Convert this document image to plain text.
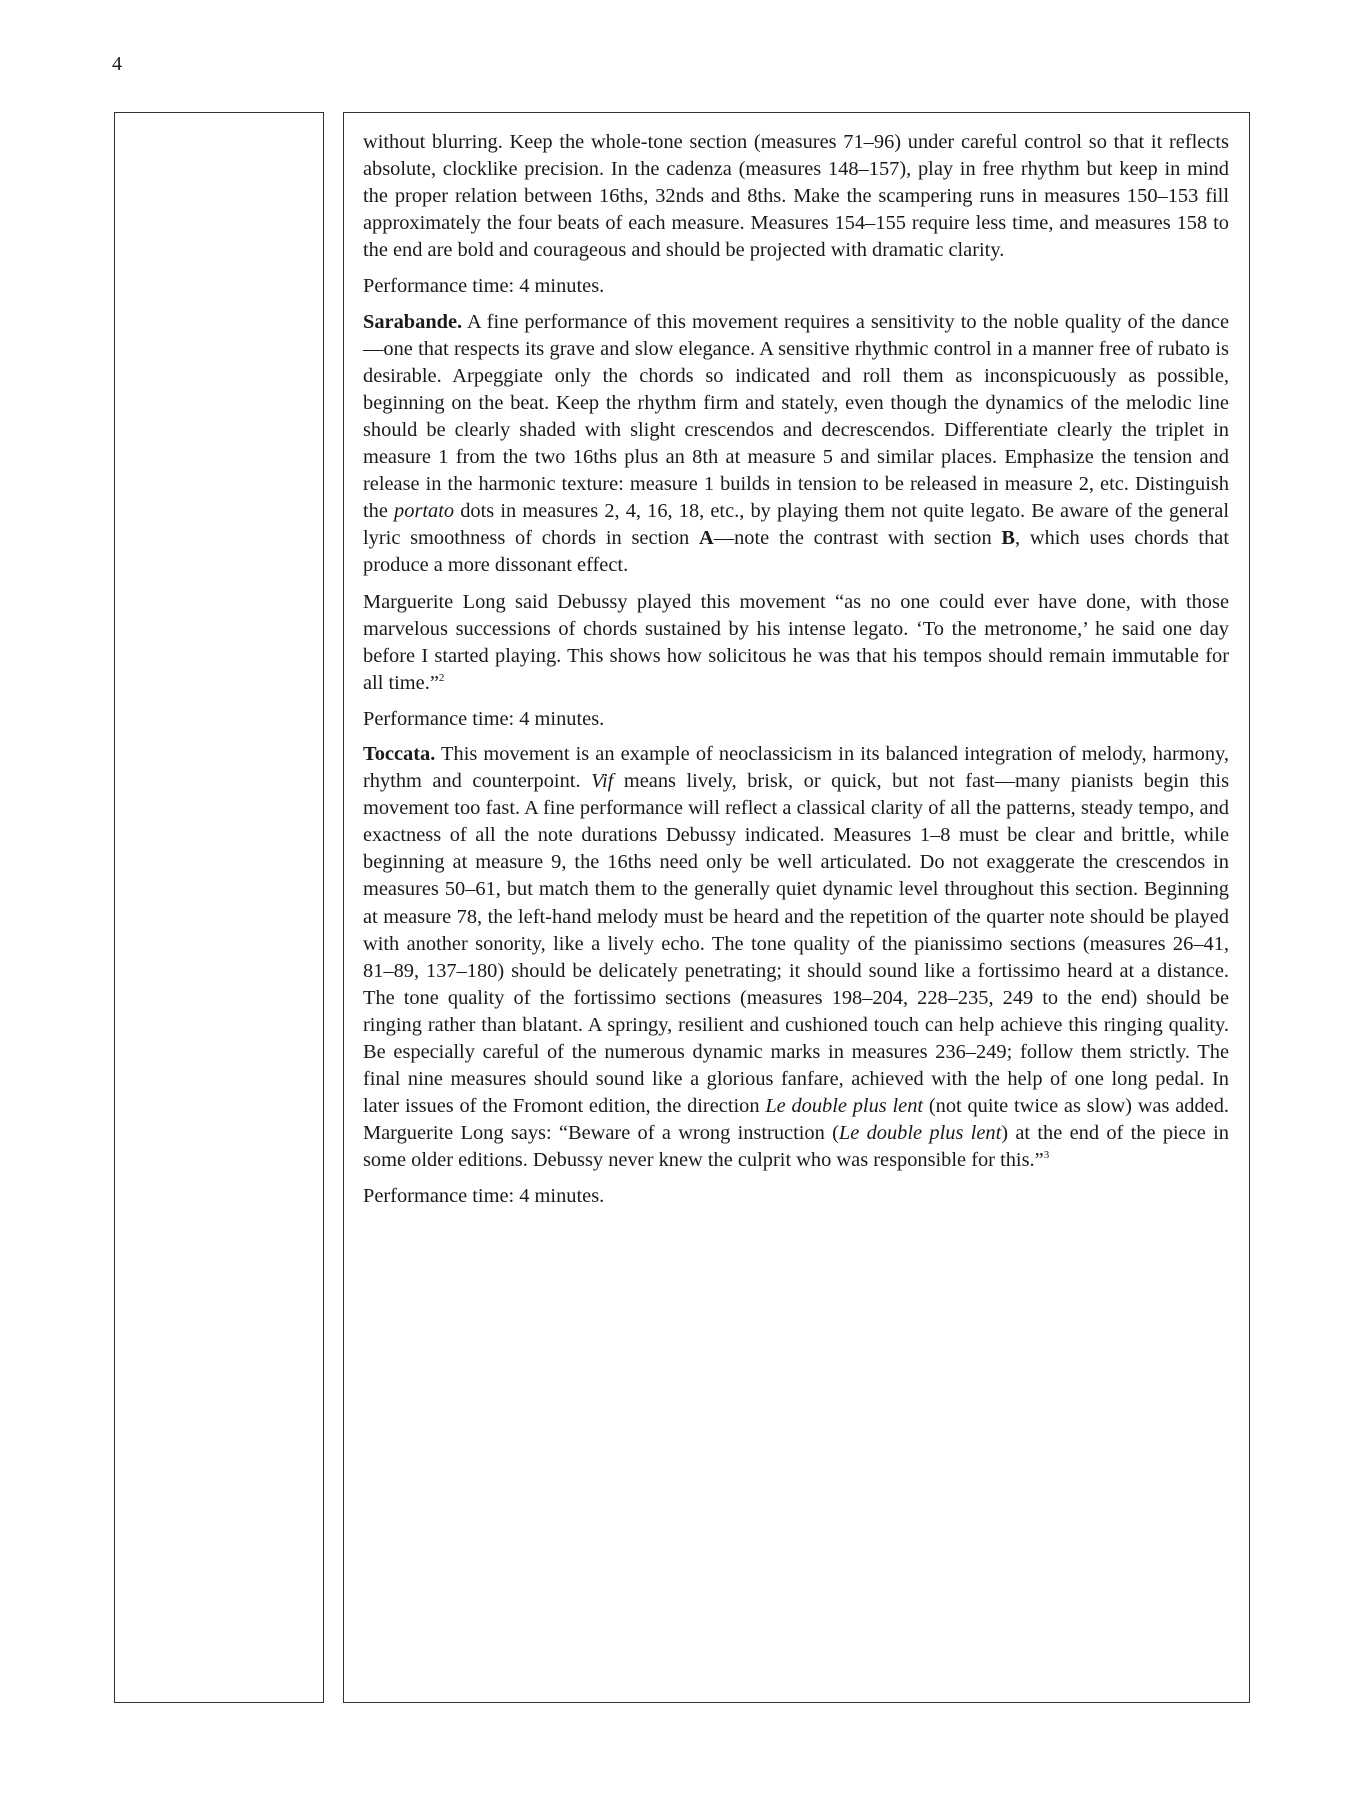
4

without blurring. Keep the whole-tone section (measures 71–96) under careful control so that it reflects absolute, clocklike precision. In the cadenza (measures 148–157), play in free rhythm but keep in mind the proper relation between 16ths, 32nds and 8ths. Make the scampering runs in measures 150–153 fill approximately the four beats of each measure. Measures 154–155 require less time, and measures 158 to the end are bold and courageous and should be projected with dramatic clarity.

Performance time: 4 minutes.

Sarabande. A fine performance of this movement requires a sensitivity to the noble quality of the dance—one that respects its grave and slow elegance. A sensitive rhythmic control in a manner free of rubato is desirable. Arpeggiate only the chords so indicated and roll them as inconspicuously as possible, beginning on the beat. Keep the rhythm firm and stately, even though the dynamics of the melodic line should be clearly shaded with slight crescendos and decrescendos. Differentiate clearly the triplet in measure 1 from the two 16ths plus an 8th at measure 5 and similar places. Emphasize the tension and release in the harmonic texture: measure 1 builds in tension to be released in measure 2, etc. Distinguish the portato dots in measures 2, 4, 16, 18, etc., by playing them not quite legato. Be aware of the general lyric smoothness of chords in section A—note the contrast with section B, which uses chords that produce a more dissonant effect.

Marguerite Long said Debussy played this movement “as no one could ever have done, with those marvelous successions of chords sustained by his intense legato. ‘To the metronome,’ he said one day before I started playing. This shows how solicitous he was that his tempos should remain immutable for all time.”$^2$

Performance time: 4 minutes.

Toccata. This movement is an example of neoclassicism in its balanced integration of melody, harmony, rhythm and counterpoint. Vif means lively, brisk, or quick, but not fast—many pianists begin this movement too fast. A fine performance will reflect a classical clarity of all the patterns, steady tempo, and exactness of all the note durations Debussy indicated. Measures 1–8 must be clear and brittle, while beginning at measure 9, the 16ths need only be well articulated. Do not exaggerate the crescendos in measures 50–61, but match them to the generally quiet dynamic level throughout this section. Beginning at measure 78, the left-hand melody must be heard and the repetition of the quarter note should be played with another sonority, like a lively echo. The tone quality of the pianissimo sections (measures 26–41, 81–89, 137–180) should be delicately penetrating; it should sound like a fortissimo heard at a distance. The tone quality of the fortissimo sections (measures 198–204, 228–235, 249 to the end) should be ringing rather than blatant. A springy, resilient and cushioned touch can help achieve this ringing quality. Be especially careful of the numerous dynamic marks in measures 236–249; follow them strictly. The final nine measures should sound like a glorious fanfare, achieved with the help of one long pedal. In later issues of the Fromont edition, the direction Le double plus lent (not quite twice as slow) was added. Marguerite Long says: “Beware of a wrong instruction (Le double plus lent) at the end of the piece in some older editions. Debussy never knew the culprit who was responsible for this.”$^3$

Performance time: 4 minutes.
